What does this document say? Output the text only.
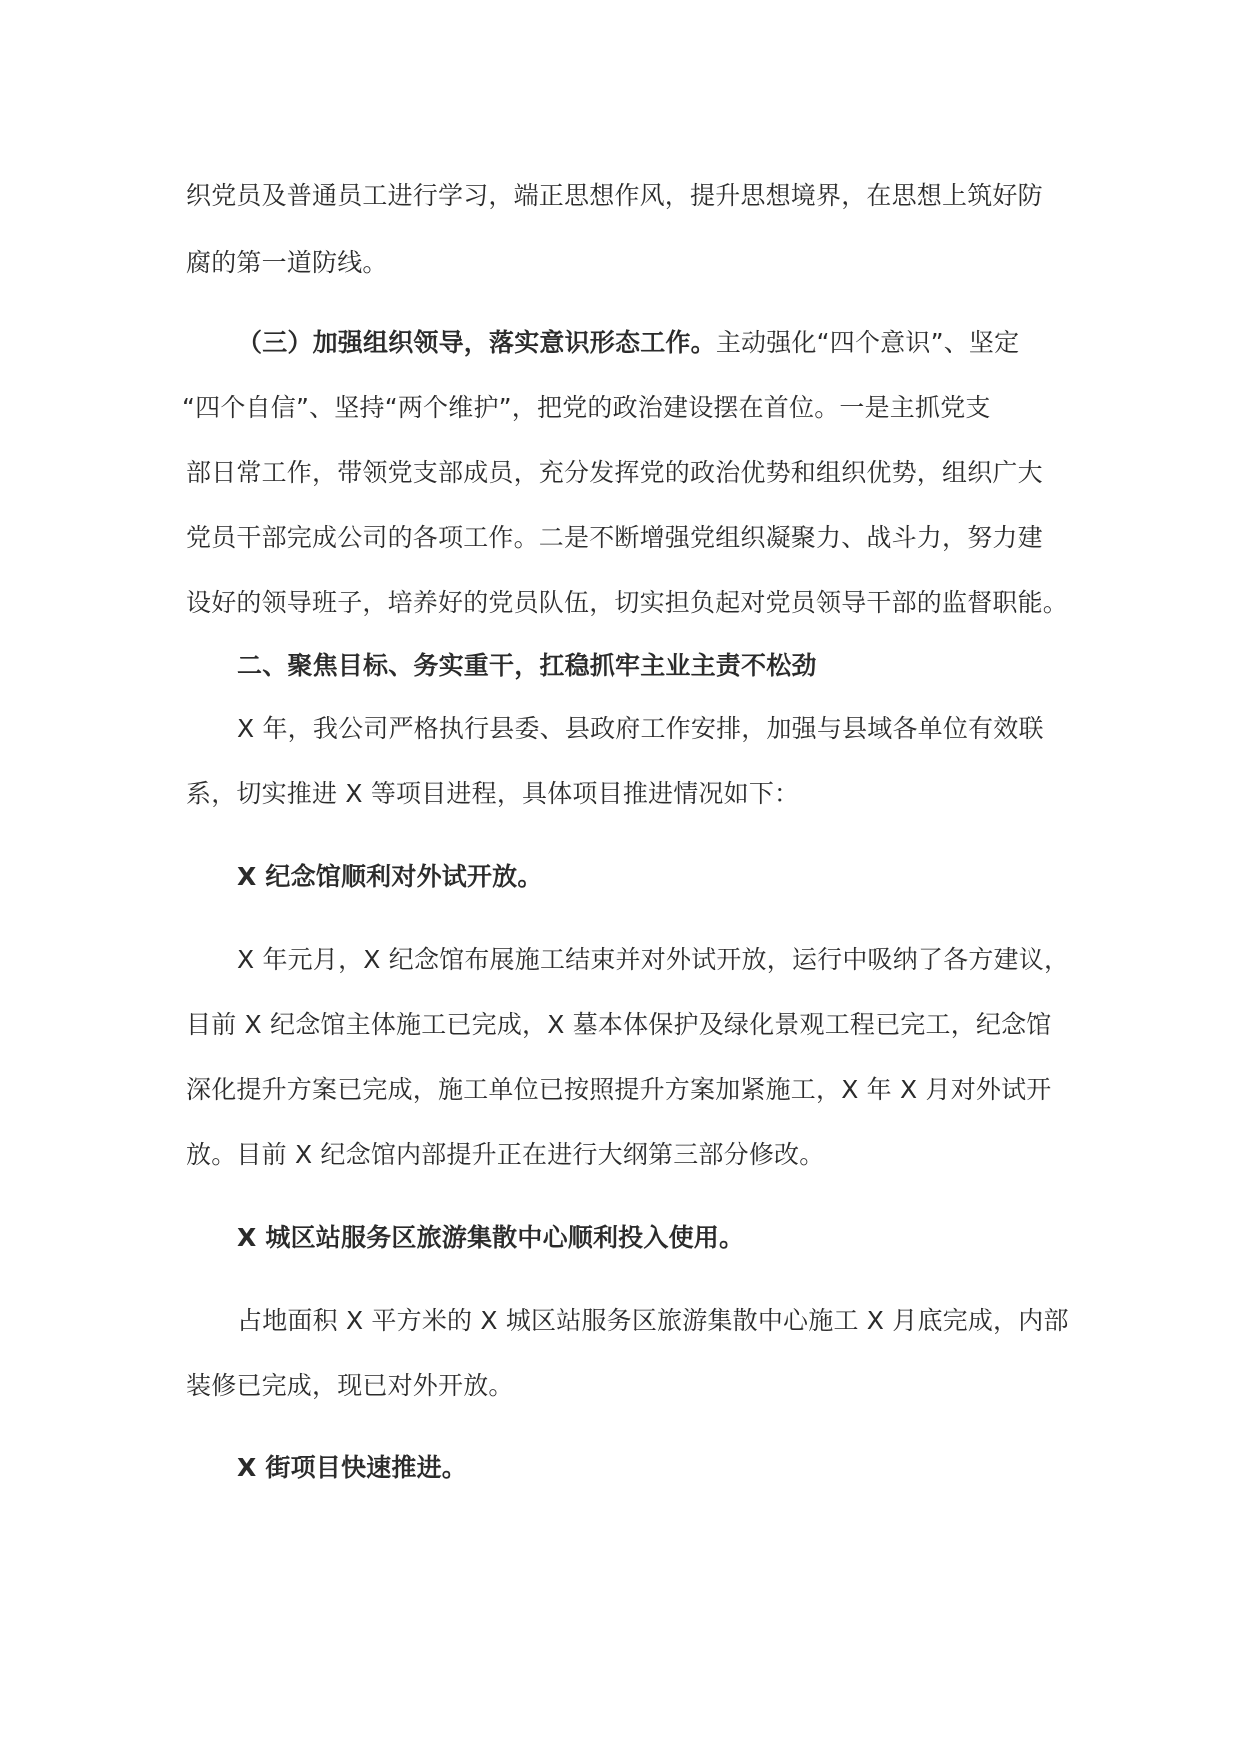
织党员及普通员工进行学习，端正思想作风，提升思想境界，在思想上筑好防
腐的第一道防线。
（三）加强组织领导，落实意识形态工作。主动强化“四个意识”、坚定
“四个自信”、坚持“两个维护”，把党的政治建设摆在首位。一是主抓党支
部日常工作，带领党支部成员，充分发挥党的政治优势和组织优势，组织广大
党员干部完成公司的各项工作。二是不断增强党组织凝聚力、战斗力，努力建
设好的领导班子，培养好的党员队伍，切实担负起对党员领导干部的监督职能。
二、聚焦目标、务实重干，扛稳抓牢主业主责不松劲
X 年，我公司严格执行县委、县政府工作安排，加强与县域各单位有效联
系，切实推进 X 等项目进程，具体项目推进情况如下：
X 纪念馆顺利对外试开放。
X 年元月，X 纪念馆布展施工结束并对外试开放，运行中吸纳了各方建议，
目前 X 纪念馆主体施工已完成，X 墓本体保护及绿化景观工程已完工，纪念馆
深化提升方案已完成，施工单位已按照提升方案加紧施工，X 年 X 月对外试开
放。目前 X 纪念馆内部提升正在进行大纲第三部分修改。
X 城区站服务区旅游集散中心顺利投入使用。
占地面积 X 平方米的 X 城区站服务区旅游集散中心施工 X 月底完成，内部
装修已完成，现已对外开放。
X 街项目快速推进。
